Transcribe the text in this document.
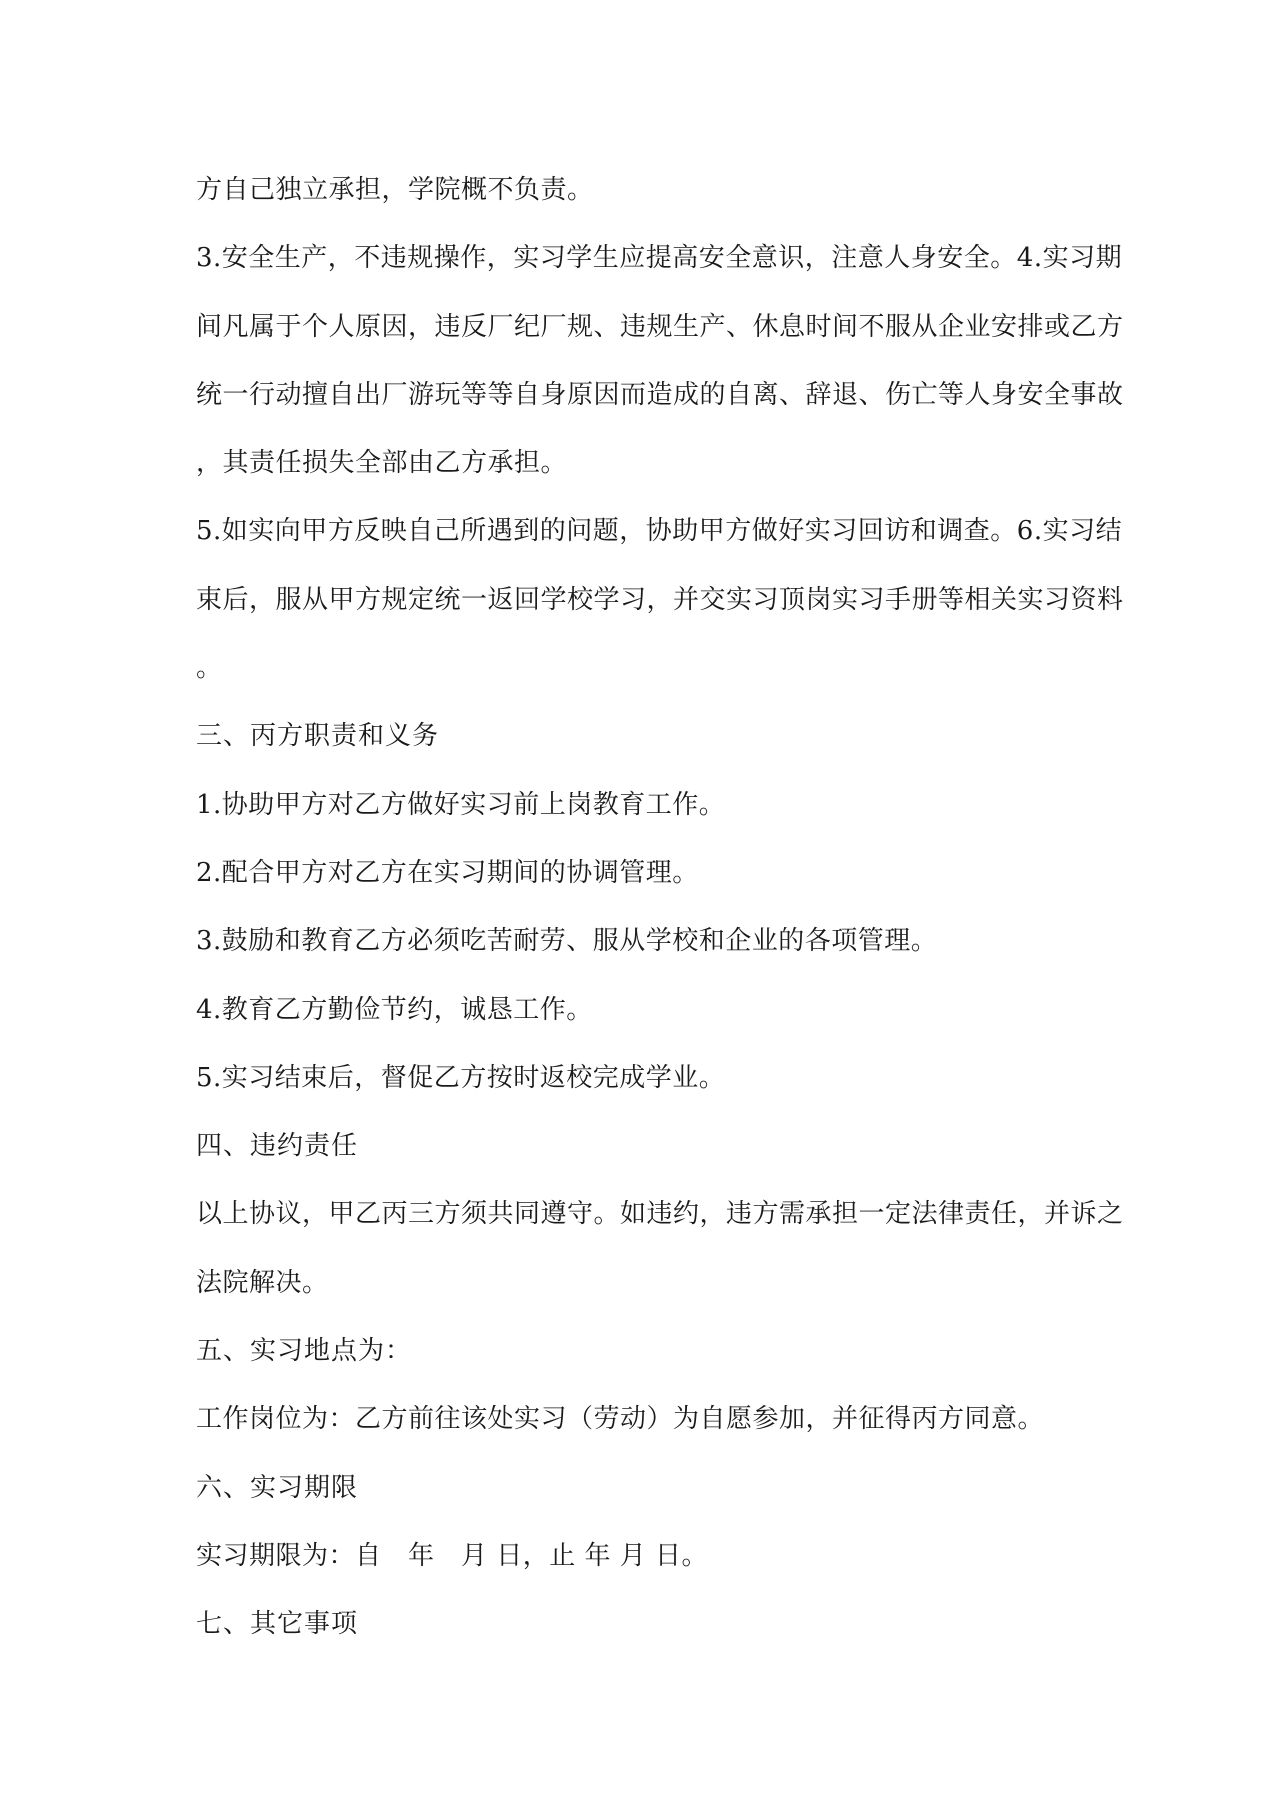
方自己独立承担，学院概不负责。
3.安全生产，不违规操作，实习学生应提高安全意识，注意人身安全。4.实习期
间凡属于个人原因，违反厂纪厂规、违规生产、休息时间不服从企业安排或乙方
统一行动擅自出厂游玩等等自身原因而造成的自离、辞退、伤亡等人身安全事故
，其责任损失全部由乙方承担。
5.如实向甲方反映自己所遇到的问题，协助甲方做好实习回访和调查。6.实习结
束后，服从甲方规定统一返回学校学习，并交实习顶岗实习手册等相关实习资料
。
三、丙方职责和义务
1.协助甲方对乙方做好实习前上岗教育工作。
2.配合甲方对乙方在实习期间的协调管理。
3.鼓励和教育乙方必须吃苦耐劳、服从学校和企业的各项管理。
4.教育乙方勤俭节约，诚恳工作。
5.实习结束后，督促乙方按时返校完成学业。
四、违约责任
以上协议，甲乙丙三方须共同遵守。如违约，违方需承担一定法律责任，并诉之
法院解决。
五、实习地点为：
工作岗位为：乙方前往该处实习（劳动）为自愿参加，并征得丙方同意。
六、实习期限
实习期限为：自　年　月 日，止 年 月 日。
七、其它事项
